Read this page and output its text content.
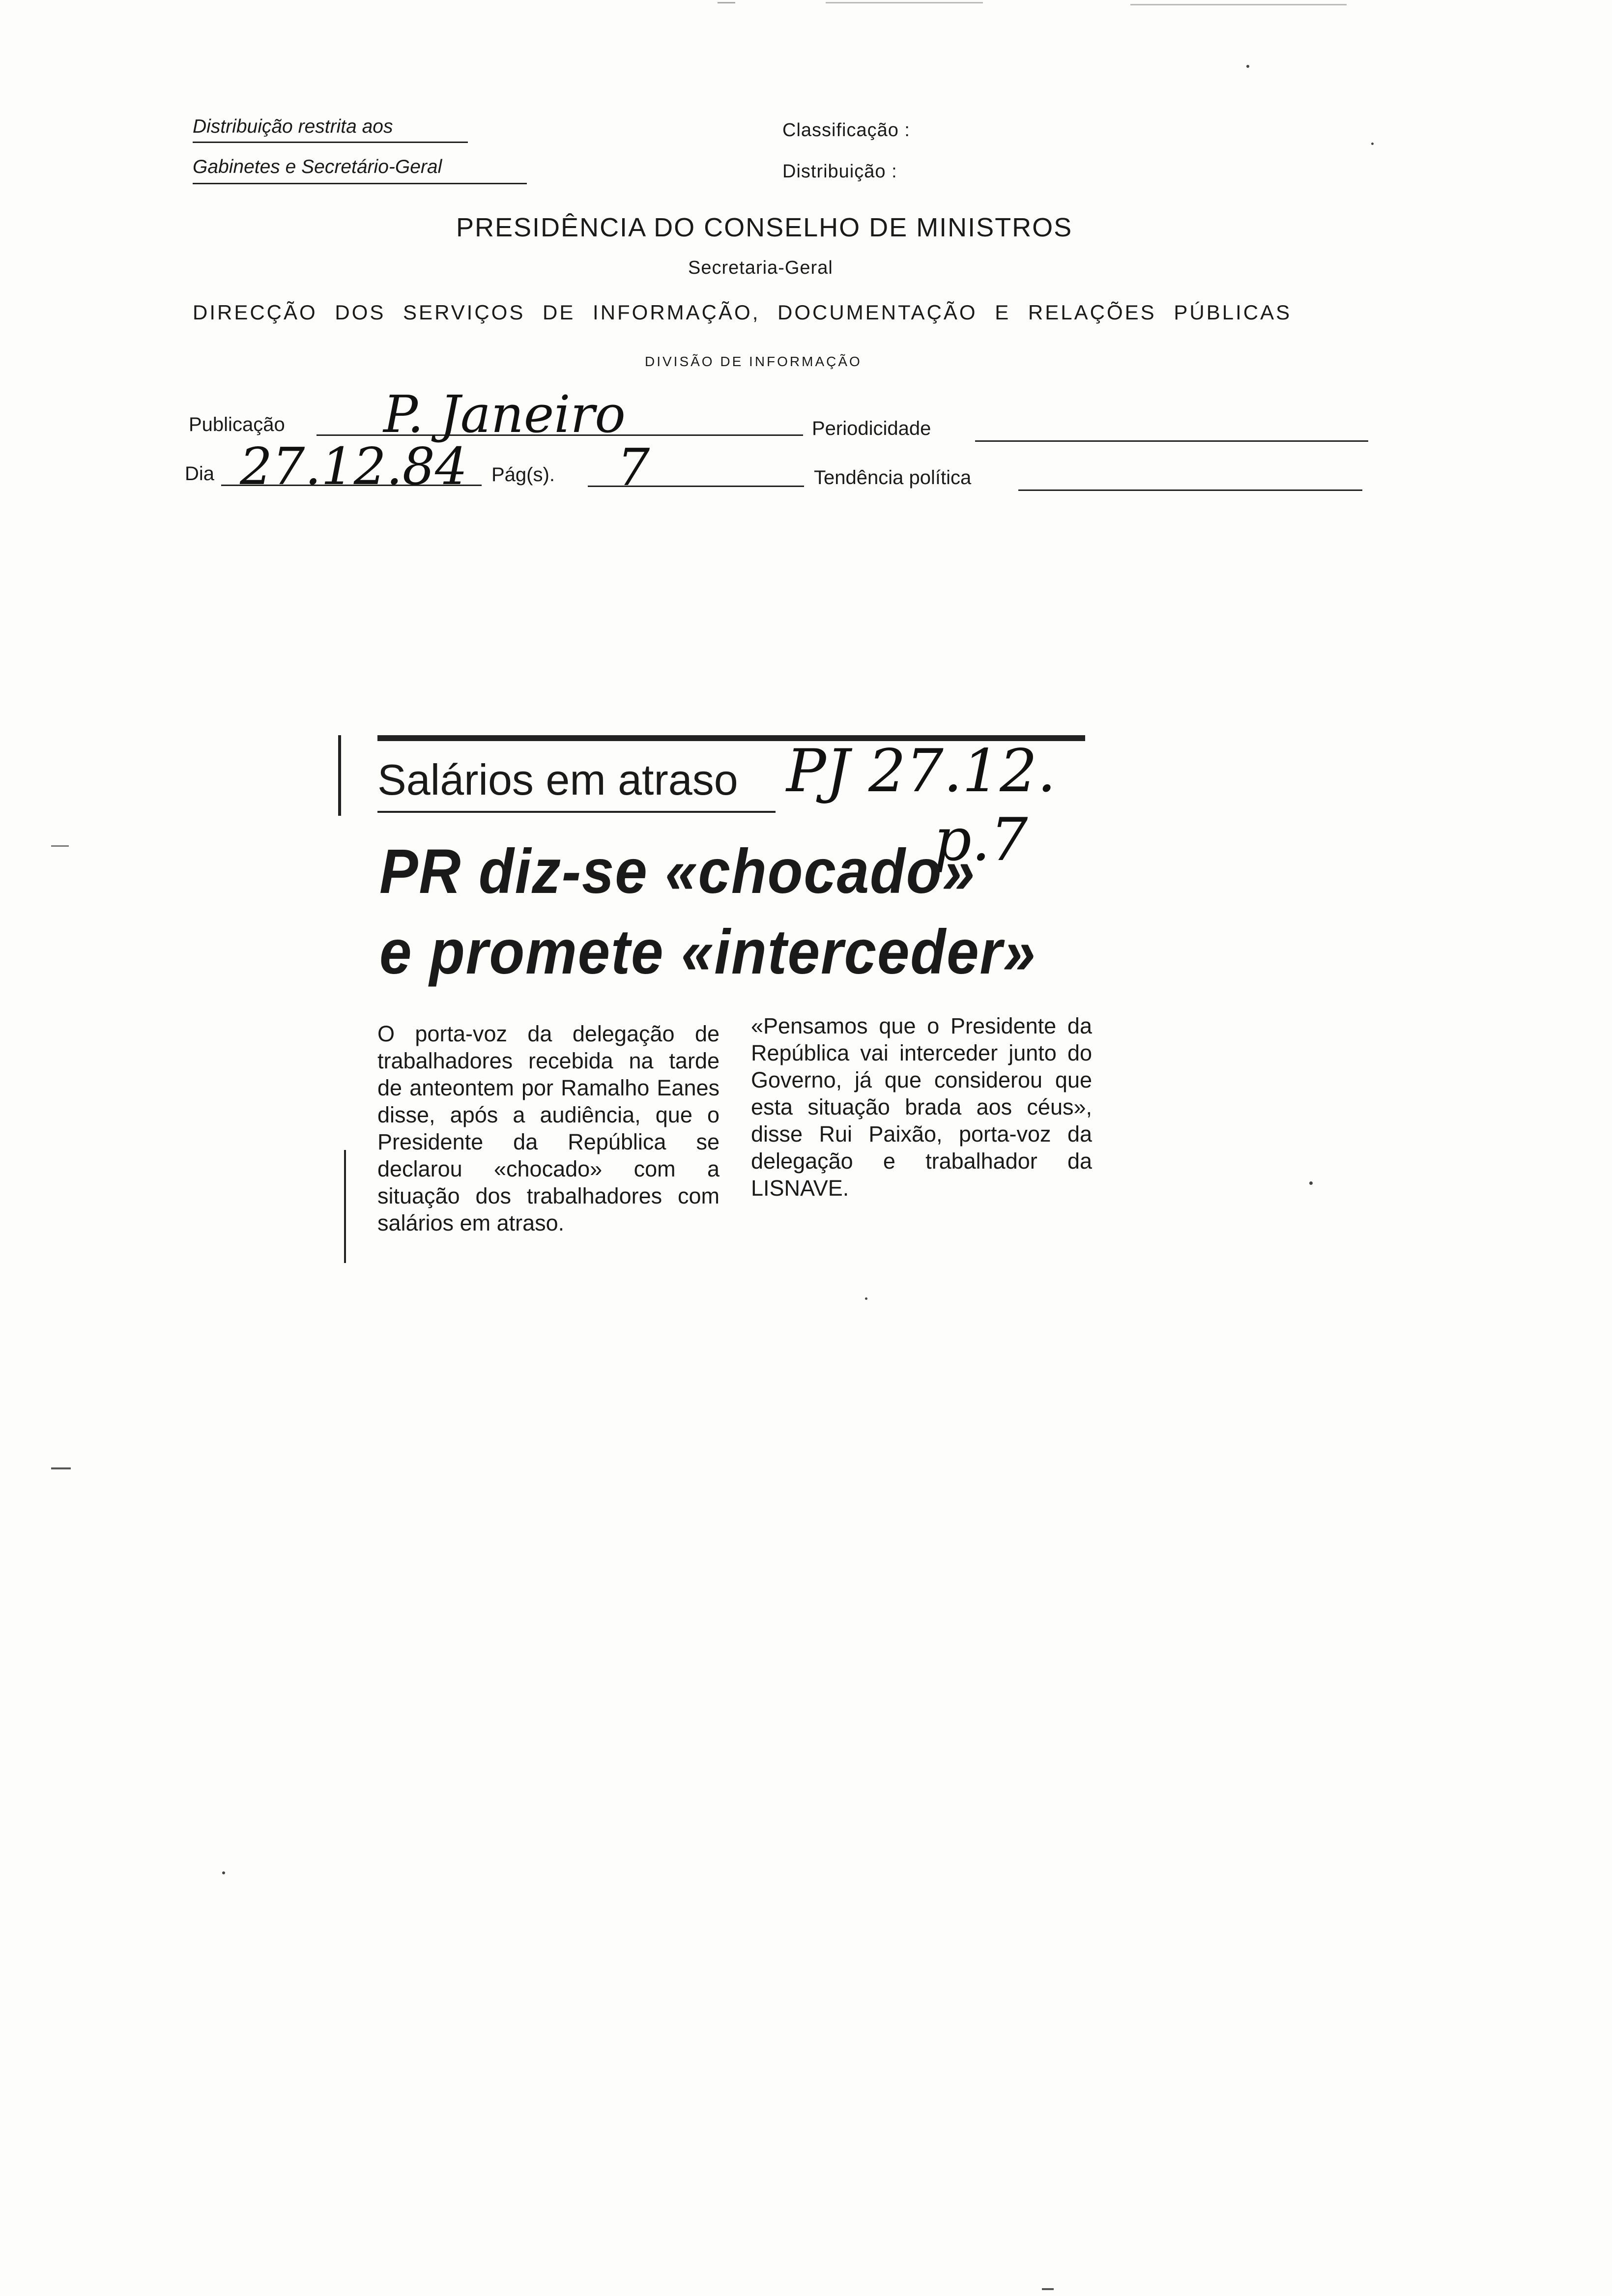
Distribuição restrita aos
Gabinetes e Secretário-Geral
Classificação :
Distribuição :
PRESIDÊNCIA DO CONSELHO DE MINISTROS
Secretaria-Geral
DIRECÇÃO DOS SERVIÇOS DE INFORMAÇÃO, DOCUMENTAÇÃO E RELAÇÕES PÚBLICAS
DIVISÃO DE INFORMAÇÃO
Publicação P. Janeiro	Periodicidade
Dia 27.12.84 Pág(s). 7	Tendência política
Salários em atraso PJ 27.12.
p.7
PR diz-se «chocado»
e promete «interceder»
O porta-voz da delegação de trabalhadores recebida na tarde de anteontem por Ramalho Eanes disse, após a audiência, que o Presidente da República se declarou «chocado» com a situação dos trabalhadores com salários em atraso.
«Pensamos que o Presidente da República vai interceder junto do Governo, já que considerou que esta situação brada aos céus», disse Rui Paixão, porta-voz da delegação e trabalhador da LISNAVE.
